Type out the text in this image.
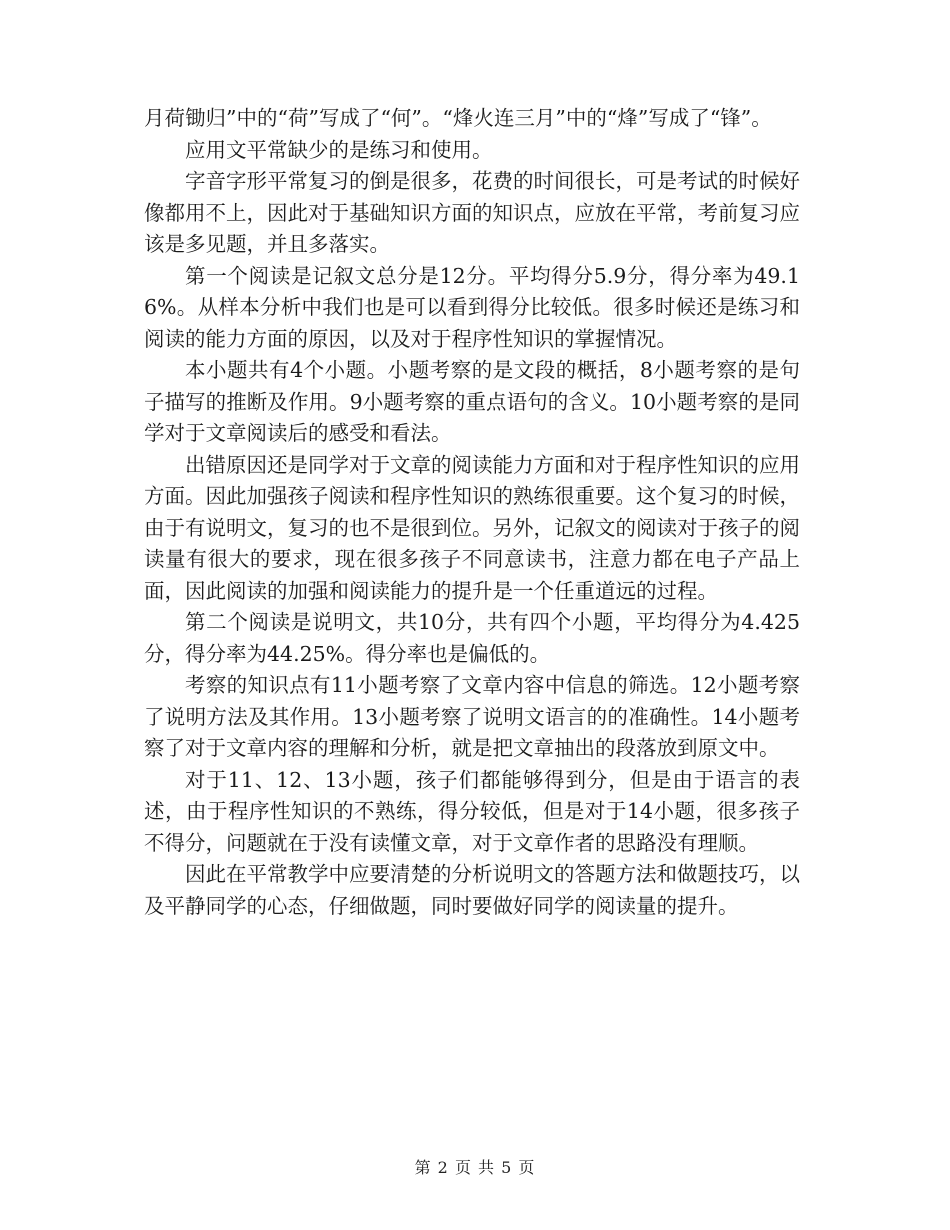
月荷锄归”中的“荷”写成了“何”。“烽火连三月”中的“烽”写成了“锋”。

应用文平常缺少的是练习和使用。

字音字形平常复习的倒是很多，花费的时间很长，可是考试的时候好像都用不上，因此对于基础知识方面的知识点，应放在平常，考前复习应该是多见题，并且多落实。

第一个阅读是记叙文总分是12分。平均得分5.9分，得分率为49.16%。从样本分析中我们也是可以看到得分比较低。很多时候还是练习和阅读的能力方面的原因，以及对于程序性知识的掌握情况。

本小题共有4个小题。小题考察的是文段的概括，8小题考察的是句子描写的推断及作用。9小题考察的重点语句的含义。10小题考察的是同学对于文章阅读后的感受和看法。

出错原因还是同学对于文章的阅读能力方面和对于程序性知识的应用方面。因此加强孩子阅读和程序性知识的熟练很重要。这个复习的时候，由于有说明文，复习的也不是很到位。另外，记叙文的阅读对于孩子的阅读量有很大的要求，现在很多孩子不同意读书，注意力都在电子产品上面，因此阅读的加强和阅读能力的提升是一个任重道远的过程。

第二个阅读是说明文，共10分，共有四个小题，平均得分为4.425分，得分率为44.25%。得分率也是偏低的。

考察的知识点有11小题考察了文章内容中信息的筛选。12小题考察了说明方法及其作用。13小题考察了说明文语言的的准确性。14小题考察了对于文章内容的理解和分析，就是把文章抽出的段落放到原文中。

对于11、12、13小题，孩子们都能够得到分，但是由于语言的表述，由于程序性知识的不熟练，得分较低，但是对于14小题，很多孩子不得分，问题就在于没有读懂文章，对于文章作者的思路没有理顺。

因此在平常教学中应要清楚的分析说明文的答题方法和做题技巧，以及平静同学的心态，仔细做题，同时要做好同学的阅读量的提升。

第 2 页 共 5 页
